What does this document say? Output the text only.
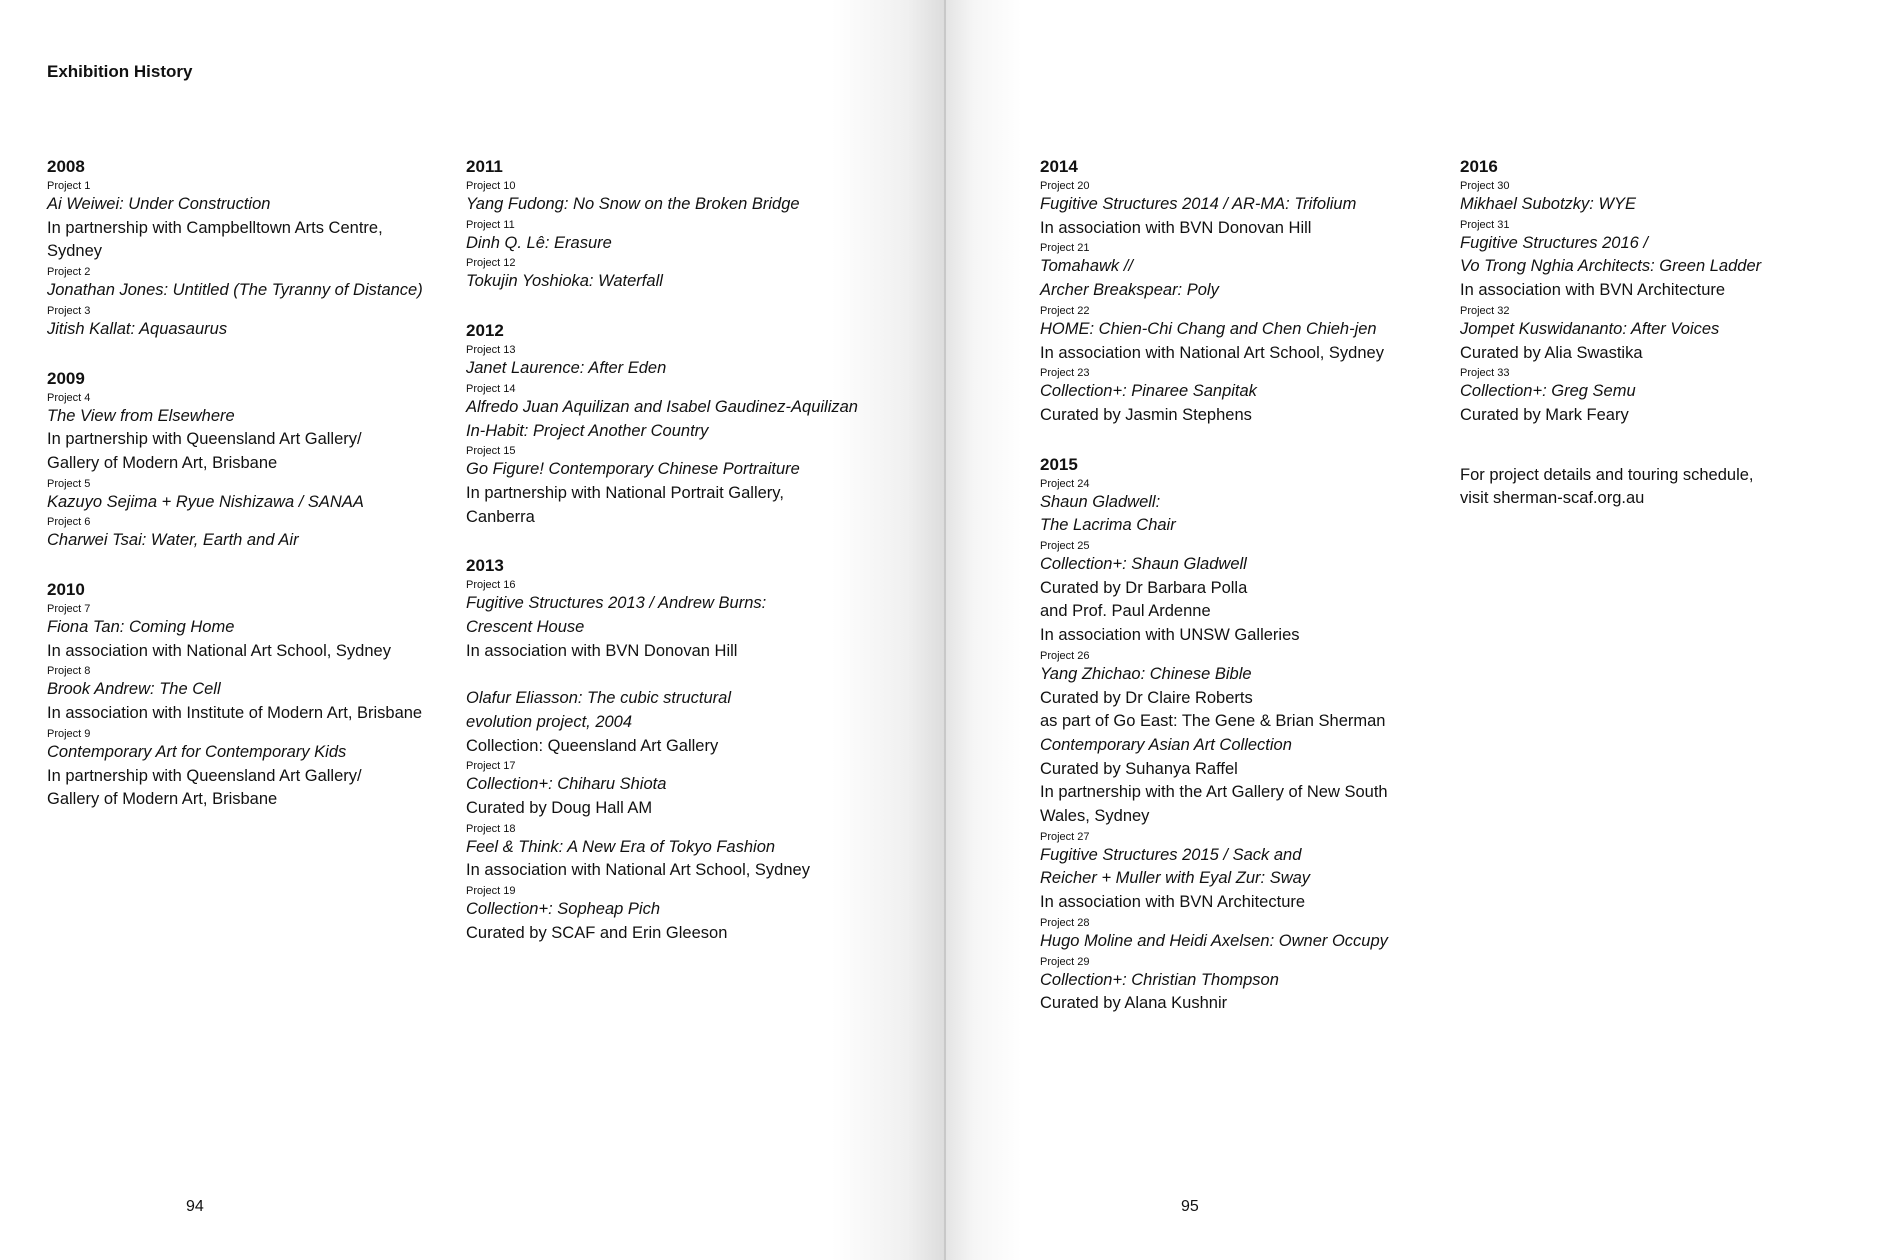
Exhibition History
2008
Project 1
Ai Weiwei: Under Construction
In partnership with Campbelltown Arts Centre,
Sydney
Project 2
Jonathan Jones: Untitled (The Tyranny of Distance)
Project 3
Jitish Kallat: Aquasaurus
2009
Project 4
The View from Elsewhere
In partnership with Queensland Art Gallery/
Gallery of Modern Art, Brisbane
Project 5
Kazuyo Sejima + Ryue Nishizawa / SANAA
Project 6
Charwei Tsai: Water, Earth and Air
2010
Project 7
Fiona Tan: Coming Home
In association with National Art School, Sydney
Project 8
Brook Andrew: The Cell
In association with Institute of Modern Art, Brisbane
Project 9
Contemporary Art for Contemporary Kids
In partnership with Queensland Art Gallery/
Gallery of Modern Art, Brisbane
2011
Project 10
Yang Fudong: No Snow on the Broken Bridge
Project 11
Dinh Q. Lê: Erasure
Project 12
Tokujin Yoshioka: Waterfall
2012
Project 13
Janet Laurence: After Eden
Project 14
Alfredo Juan Aquilizan and Isabel Gaudinez-Aquilizan
In-Habit: Project Another Country
Project 15
Go Figure! Contemporary Chinese Portraiture
In partnership with National Portrait Gallery,
Canberra
2013
Project 16
Fugitive Structures 2013 / Andrew Burns:
Crescent House
In association with BVN Donovan Hill
Olafur Eliasson: The cubic structural
evolution project, 2004
Collection: Queensland Art Gallery
Project 17
Collection+: Chiharu Shiota
Curated by Doug Hall AM
Project 18
Feel & Think: A New Era of Tokyo Fashion
In association with National Art School, Sydney
Project 19
Collection+: Sopheap Pich
Curated by SCAF and Erin Gleeson
2014
Project 20
Fugitive Structures 2014 / AR-MA: Trifolium
In association with BVN Donovan Hill
Project 21
Tomahawk //
Archer Breakspear: Poly
Project 22
HOME: Chien-Chi Chang and Chen Chieh-jen
In association with National Art School, Sydney
Project 23
Collection+: Pinaree Sanpitak
Curated by Jasmin Stephens
2015
Project 24
Shaun Gladwell:
The Lacrima Chair
Project 25
Collection+: Shaun Gladwell
Curated by Dr Barbara Polla
and Prof. Paul Ardenne
In association with UNSW Galleries
Project 26
Yang Zhichao: Chinese Bible
Curated by Dr Claire Roberts
as part of Go East: The Gene & Brian Sherman
Contemporary Asian Art Collection
Curated by Suhanya Raffel
In partnership with the Art Gallery of New South
Wales, Sydney
Project 27
Fugitive Structures 2015 / Sack and
Reicher + Muller with Eyal Zur: Sway
In association with BVN Architecture
Project 28
Hugo Moline and Heidi Axelsen: Owner Occupy
Project 29
Collection+: Christian Thompson
Curated by Alana Kushnir
2016
Project 30
Mikhael Subotzky: WYE
Project 31
Fugitive Structures 2016 /
Vo Trong Nghia Architects: Green Ladder
In association with BVN Architecture
Project 32
Jompet Kuswidananto: After Voices
Curated by Alia Swastika
Project 33
Collection+: Greg Semu
Curated by Mark Feary
For project details and touring schedule,
visit sherman-scaf.org.au
94	95
